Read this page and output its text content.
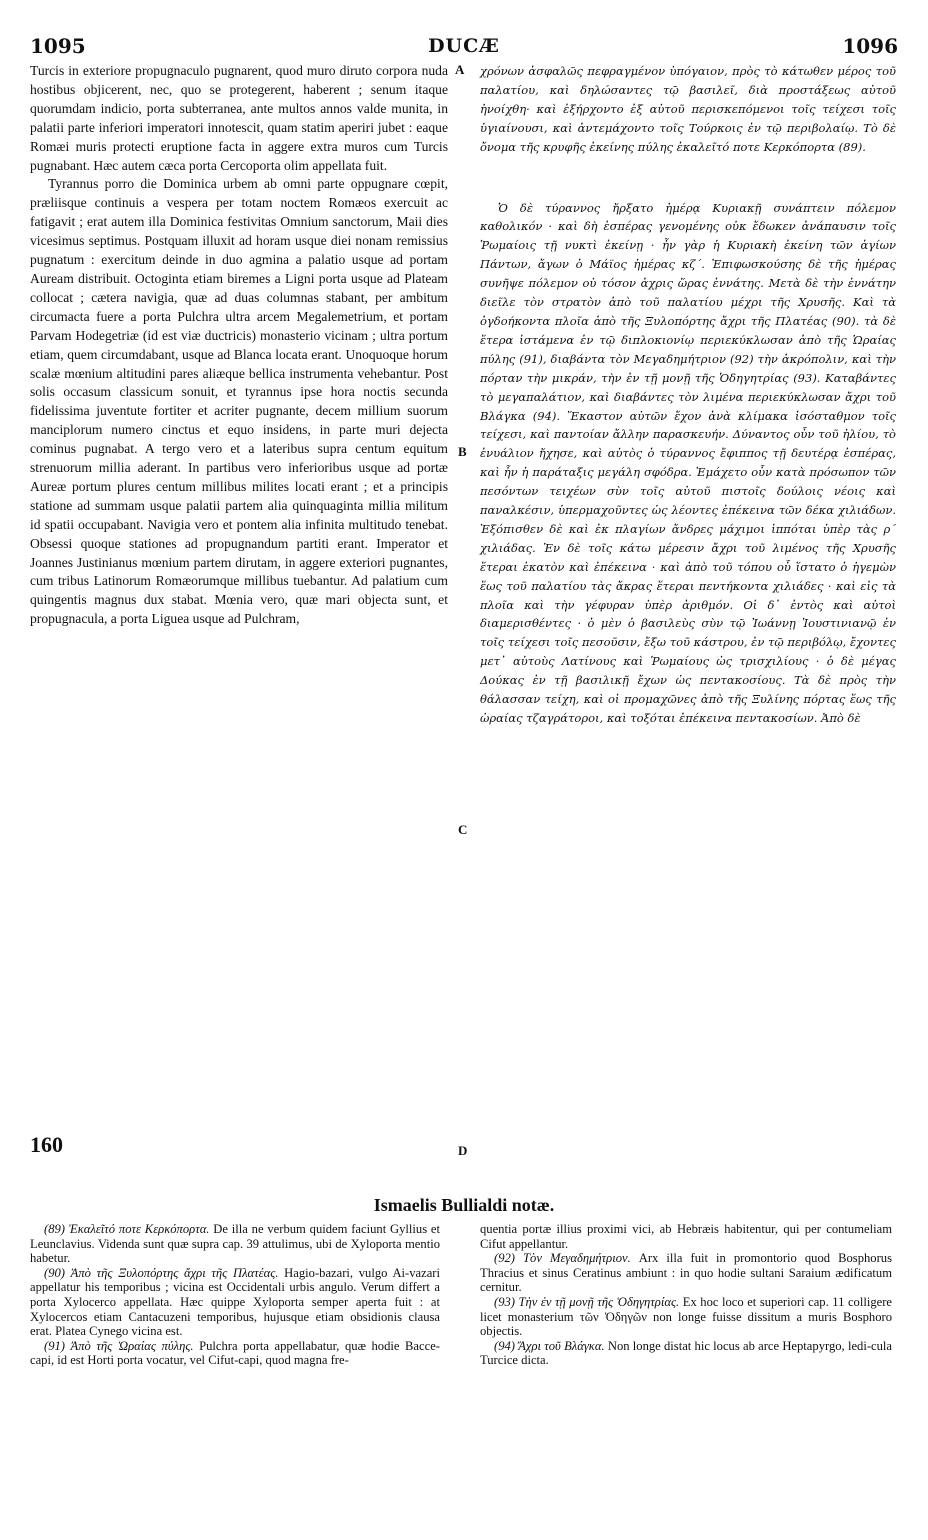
1095	DUCÆ	1096

Turcis in exteriore propugnaculo pugnarent, quod muro diruto corpora nuda hostibus objicerent, nec, quo se protegerent, haberent ; senum itaque quorumdam indicio, porta subterranea, ante multos annos valde munita, in palatii parte inferiori imperatori innotescit, quam statim aperiri jubet : eaque Romæi muris protecti eruptione facta in aggere extra muros cum Turcis pugnabant. Hæc autem cæca porta Cercoporta olim appellata fuit.

Tyrannus porro die Dominica urbem ab omni parte oppugnare cœpit, præliisque continuis a vespera per totam noctem Romæos exercuit ac fatigavit ; erat autem illa Dominica festivitas Omnium sanctorum, Maii dies vicesimus septimus. Postquam illuxit ad horam usque diei nonam remissius pugnatum : exercitum deinde in duo agmina a palatio usque ad portam Auream distribuit. Octoginta etiam biremes a Ligni porta usque ad Plateam collocat ; cætera navigia, quæ ad duas columnas stabant, per ambitum circumacta fuere a porta Pulchra ultra arcem Megalemetrium, et portam Parvam Hodegetriæ (id est viæ ductricis) monasterio vicinam ; ultra portum etiam, quem circumdabant, usque ad Blanca locata erant. Unoquoque horum scalæ mœnium altitudini pares aliæque bellica instrumenta vehebantur. Post solis occasum classicum sonuit, et tyrannus ipse hora noctis secunda fidelissima juventute fortiter et acriter pugnante, decem millium suorum manciplorum numero cinctus et equo insidens, in parte muri dejecta cominus pugnabat. A tergo vero et a lateribus supra centum equitum strenuorum millia aderant. In partibus vero inferioribus usque ad portæ Aureæ portum plures centum millibus milites locati erant ; et a principis statione ad summam usque palatii partem alia quinquaginta millia militum id spatii occupabant. Navigia vero et pontem alia infinita multitudo tenebat. Obsessi quoque stationes ad propugnandum partiti erant. Imperator et Joannes Justinianus mœnium partem dirutam, in aggere exteriori pugnantes, cum tribus Latinorum Romæorumque millibus tuebantur. Ad palatium cum quingentis magnus dux stabat. Mœnia vero, quæ mari objecta sunt, et propugnacula, a porta Liguea usque ad Pulchram,

A
B
C
D
160

χρόνων ἀσφαλῶς πεφραγμένον ὑπόγαιον, πρὸς τὸ κάτωθεν μέρος τοῦ παλατίου, καὶ δηλώσαντες τῷ βασιλεῖ, διὰ προστάξεως αὐτοῦ ἠνοίχθη· καὶ ἐξήρχοντο ἐξ αὐτοῦ περισκεπόμενοι τοῖς τείχεσι τοῖς ὑγιαίνουσι, καὶ ἀντεμάχοντο τοῖς Τούρκοις ἐν τῷ περιβολαίῳ. Τὸ δὲ ὄνομα τῆς κρυφῆς ἐκείνης πύλης ἐκαλεῖτό ποτε Κερκόπορτα (89).

Ὁ δὲ τύραννος ἤρξατο ἡμέρᾳ Κυριακῇ συνάπτειν πόλεμον καθολικόν · καὶ δὴ ἑσπέρας γενομένης οὐκ ἔδωκεν ἀνάπαυσιν τοῖς Ῥωμαίοις τῇ νυκτὶ ἐκείνῃ · ἦν γὰρ ἡ Κυριακὴ ἐκείνη τῶν ἁγίων Πάντων, ἄγων ὁ Μάϊος ἡμέρας κζ΄. Ἐπιφωσκούσης δὲ τῆς ἡμέρας συνῆψε πόλεμον οὐ τόσον ἀχρις ὥρας ἐννάτης. Μετὰ δὲ τὴν ἐννάτην διεῖλε τὸν στρατὸν ἀπὸ τοῦ παλατίου μέχρι τῆς Χρυσῆς. Καὶ τὰ ὀγδοήκοντα πλοῖα ἀπὸ τῆς Ξυλοπόρτης ἄχρι τῆς Πλατέας (90). τὰ δὲ ἕτερα ἱστάμενα ἐν τῷ διπλοκιονίῳ περιεκύκλωσαν ἀπὸ τῆς Ὡραίας πύλης (91), διαβάντα τὸν Μεγαδημήτριον (92) τὴν ἀκρόπολιν, καὶ τὴν πόρταν τὴν μικράν, τὴν ἐν τῇ μονῇ τῆς Ὁδηγητρίας (93). Καταβάντες τὸ μεγαπαλάτιον, καὶ διαβάντες τὸν λιμένα περιεκύκλωσαν ἄχρι τοῦ Βλάγκα (94). Ἕκαστον αὐτῶν ἔχον ἀνὰ κλίμακα ἰσόσταθμον τοῖς τείχεσι, καὶ παντοίαν ἄλλην παρασκευήν. Δύναντος οὖν τοῦ ἡλίου, τὸ ἐνυάλιον ἤχησε, καὶ αὐτὸς ὁ τύραννος ἔφιππος τῇ δευτέρᾳ ἑσπέρας, καὶ ἦν ἡ παράταξις μεγάλη σφόδρα. Ἐμάχετο οὖν κατὰ πρόσωπον τῶν πεσόντων τειχέων σὺν τοῖς αὐτοῦ πιστοῖς δούλοις νέοις καὶ παναλκέσιν, ὑπερμαχοῦντες ὡς λέοντες ἐπέκεινα τῶν δέκα χιλιάδων. Ἐξόπισθεν δὲ καὶ ἐκ πλαγίων ἄνδρες μάχιμοι ἱππόται ὑπὲρ τὰς ρ΄ χιλιάδας. Ἐν δὲ τοῖς κάτω μέρεσιν ἄχρι τοῦ λιμένος τῆς Χρυσῆς ἕτεραι ἑκατὸν καὶ ἐπέκεινα · καὶ ἀπὸ τοῦ τόπου οὗ ἵστατο ὁ ἡγεμὼν ἕως τοῦ παλατίου τὰς ἄκρας ἕτεραι πεντήκοντα χιλιάδες · καὶ εἰς τὰ πλοῖα καὶ τὴν γέφυραν ὑπὲρ ἀριθμόν. Οἱ δ᾽ ἐντὸς καὶ αὐτοὶ διαμερισθέντες · ὁ μὲν ὁ βασιλεὺς σὺν τῷ Ἰωάννῃ Ἰουστινιανῷ ἐν τοῖς τείχεσι τοῖς πεσοῦσιν, ἔξω τοῦ κάστρου, ἐν τῷ περιβόλῳ, ἔχοντες μετ᾽ αὐτοὺς Λατίνους καὶ Ῥωμαίους ὡς τρισχιλίους · ὁ δὲ μέγας Δούκας ἐν τῇ βασιλικῇ ἔχων ὡς πεντακοσίους. Τὰ δὲ πρὸς τὴν θάλασσαν τείχη, καὶ οἱ προμαχῶνες ἀπὸ τῆς Ξυλίνης πόρτας ἕως τῆς ὡραίας τζαγράτοροι, καὶ τοξόται ἐπέκεινα πεντακοσίων. Ἀπὸ δὲ

Ismaelis Bullialdi notæ.

(89) Ἐκαλεῖτό ποτε Κερκόπορτα. De illa ne verbum quidem faciunt Gyllius et Leunclavius. Videnda sunt quæ supra cap. 39 attulimus, ubi de Xyloporta mentio habetur.

(90) Ἀπὸ τῆς Ξυλοπόρτης ἄχρι τῆς Πλατέας. Hagio-bazari, vulgo Ai-vazari appellatur his temporibus ; vicina est Occidentali urbis angulo. Verum differt a porta Xylocerco appellata. Hæc quippe Xyloporta semper aperta fuit : at Xylocercos etiam Cantacuzeni temporibus, hujusque etiam obsidionis clausa erat. Platea Cynego vicina est.

(91) Ἀπὸ τῆς Ὡραίας πύλης. Pulchra porta appellabatur, quæ hodie Bacce-capi, id est Horti porta vocatur, vel Cifut-capi, quod magna fre-

quentia portæ illius proximi vici, ab Hebræis habitentur, qui per contumeliam Cifut appellantur.

(92) Τὸν Μεγαδημήτριον. Arx illa fuit in promontorio quod Bosphorus Thracius et sinus Ceratinus ambiunt : in quo hodie sultani Saraium ædificatum cernitur.

(93) Τὴν ἐν τῇ μονῇ τῆς Ὁδηγητρίας. Ex hoc loco et superiori cap. 11 colligere licet monasterium τῶν Ὁδηγῶν non longe fuisse dissitum a muris Bosphoro objectis.

(94) Ἄχρι τοῦ Βλάγκα. Non longe distat hic locus ab arce Heptapyrgo, ledi-cula Turcice dicta.
